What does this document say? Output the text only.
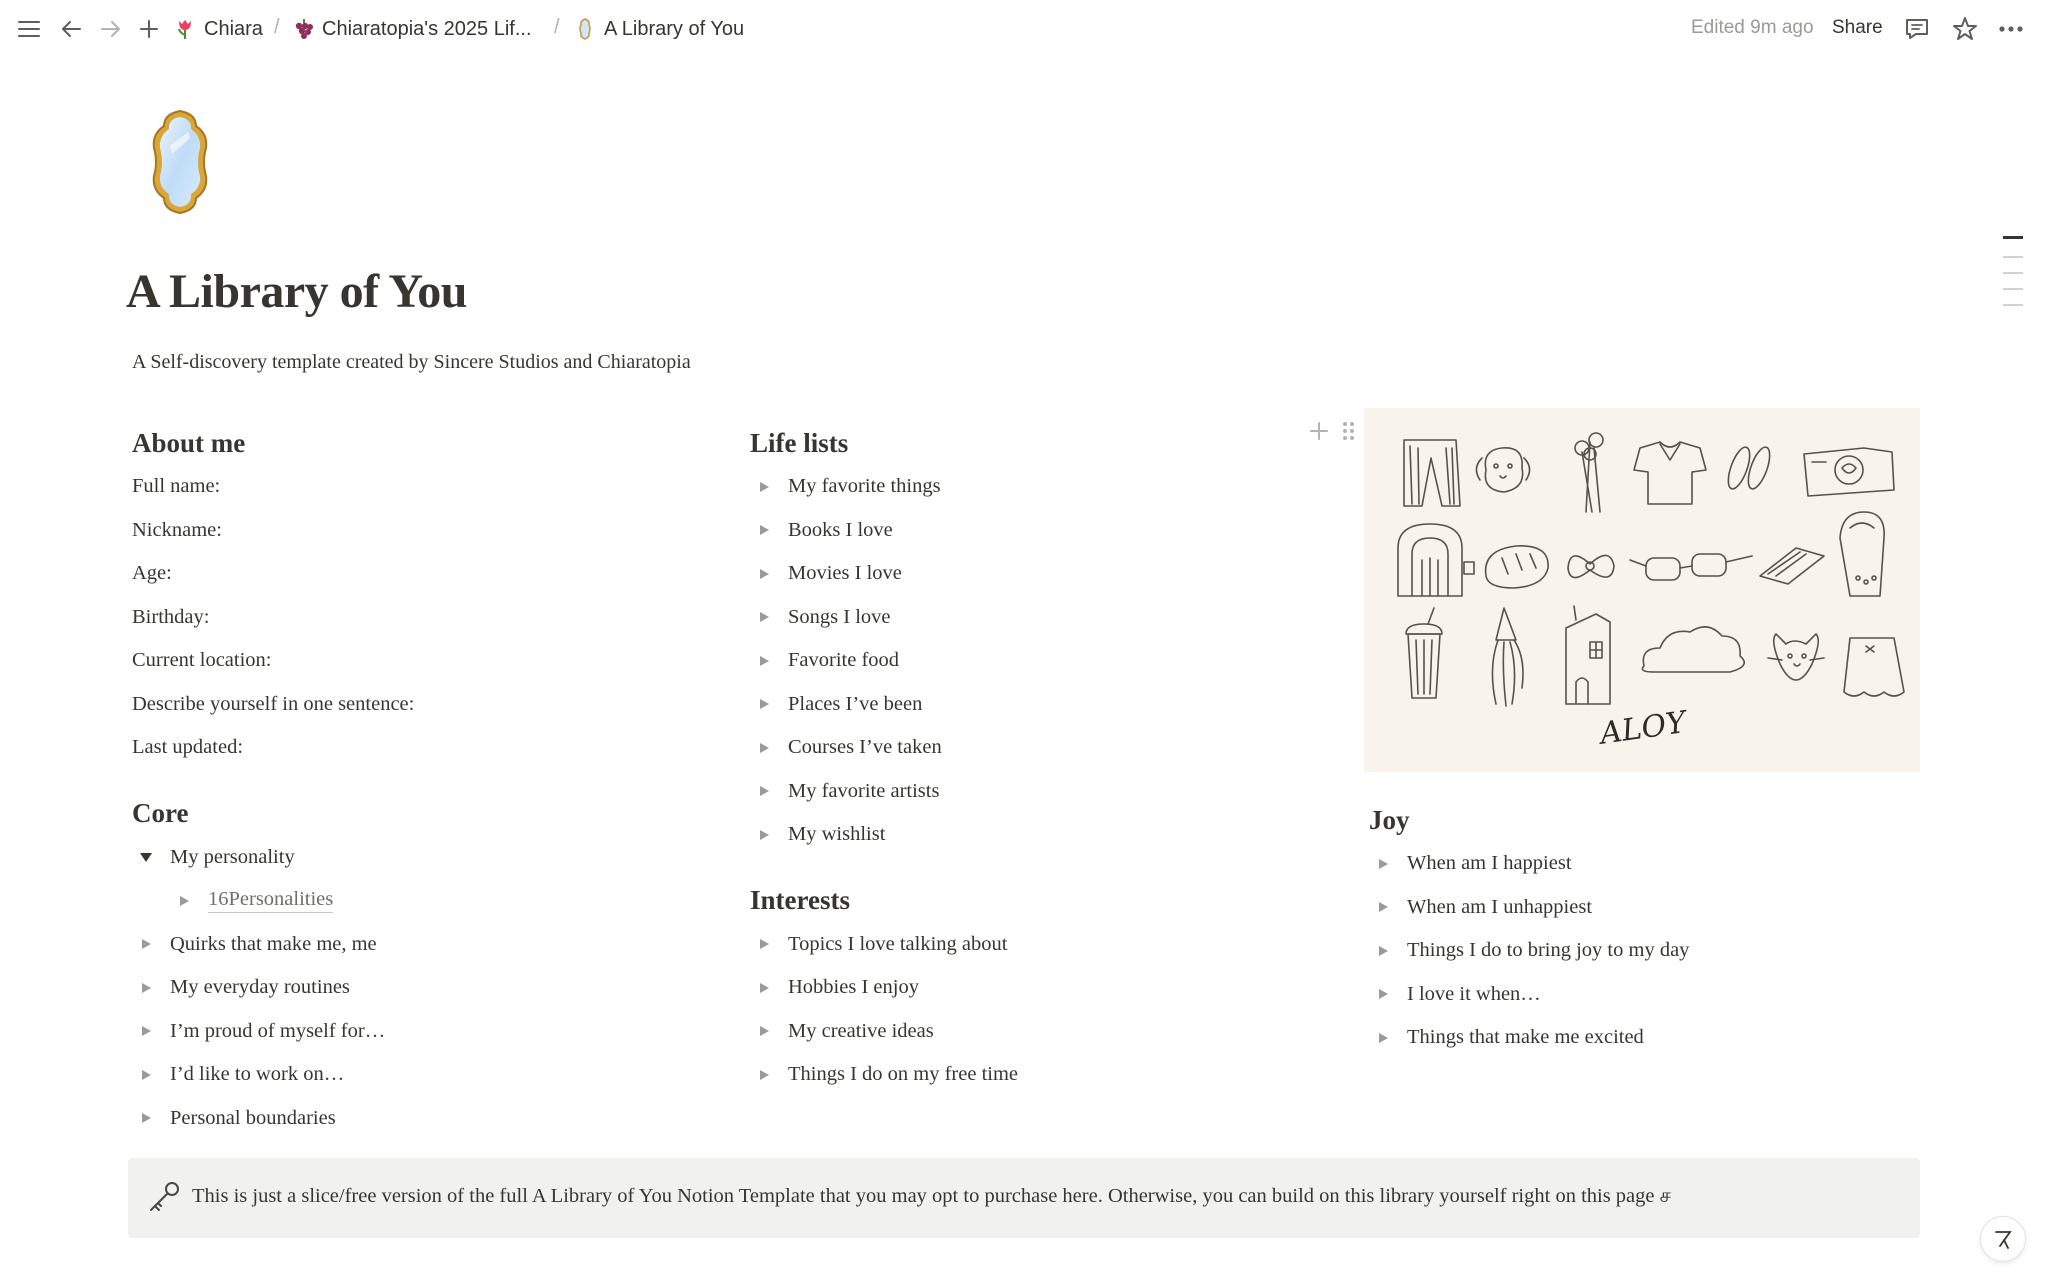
Chiara / Chiaratopia's 2025 Lif... / A Library of You	Edited 9m ago Share
A Library of You

A Self-discovery template created by Sincere Studios and Chiaratopia

About me
Full name:
Nickname:
Age:
Birthday:
Current location:
Describe yourself in one sentence:
Last updated:
Core
My personality
16Personalities
Quirks that make me, me
My everyday routines
I’m proud of myself for…
I’d like to work on…
Personal boundaries
Life lists
My favorite things
Books I love
Movies I love
Songs I love
Favorite food
Places I’ve been
Courses I’ve taken
My favorite artists
My wishlist
Interests
Topics I love talking about
Hobbies I enjoy
My creative ideas
Things I do on my free time
ALOY
Joy
When am I happiest
When am I unhappiest
Things I do to bring joy to my day
I love it when…
Things that make me excited
This is just a slice/free version of the full A Library of You Notion Template that you may opt to purchase here. Otherwise, you can build on this library yourself right on this page ச
